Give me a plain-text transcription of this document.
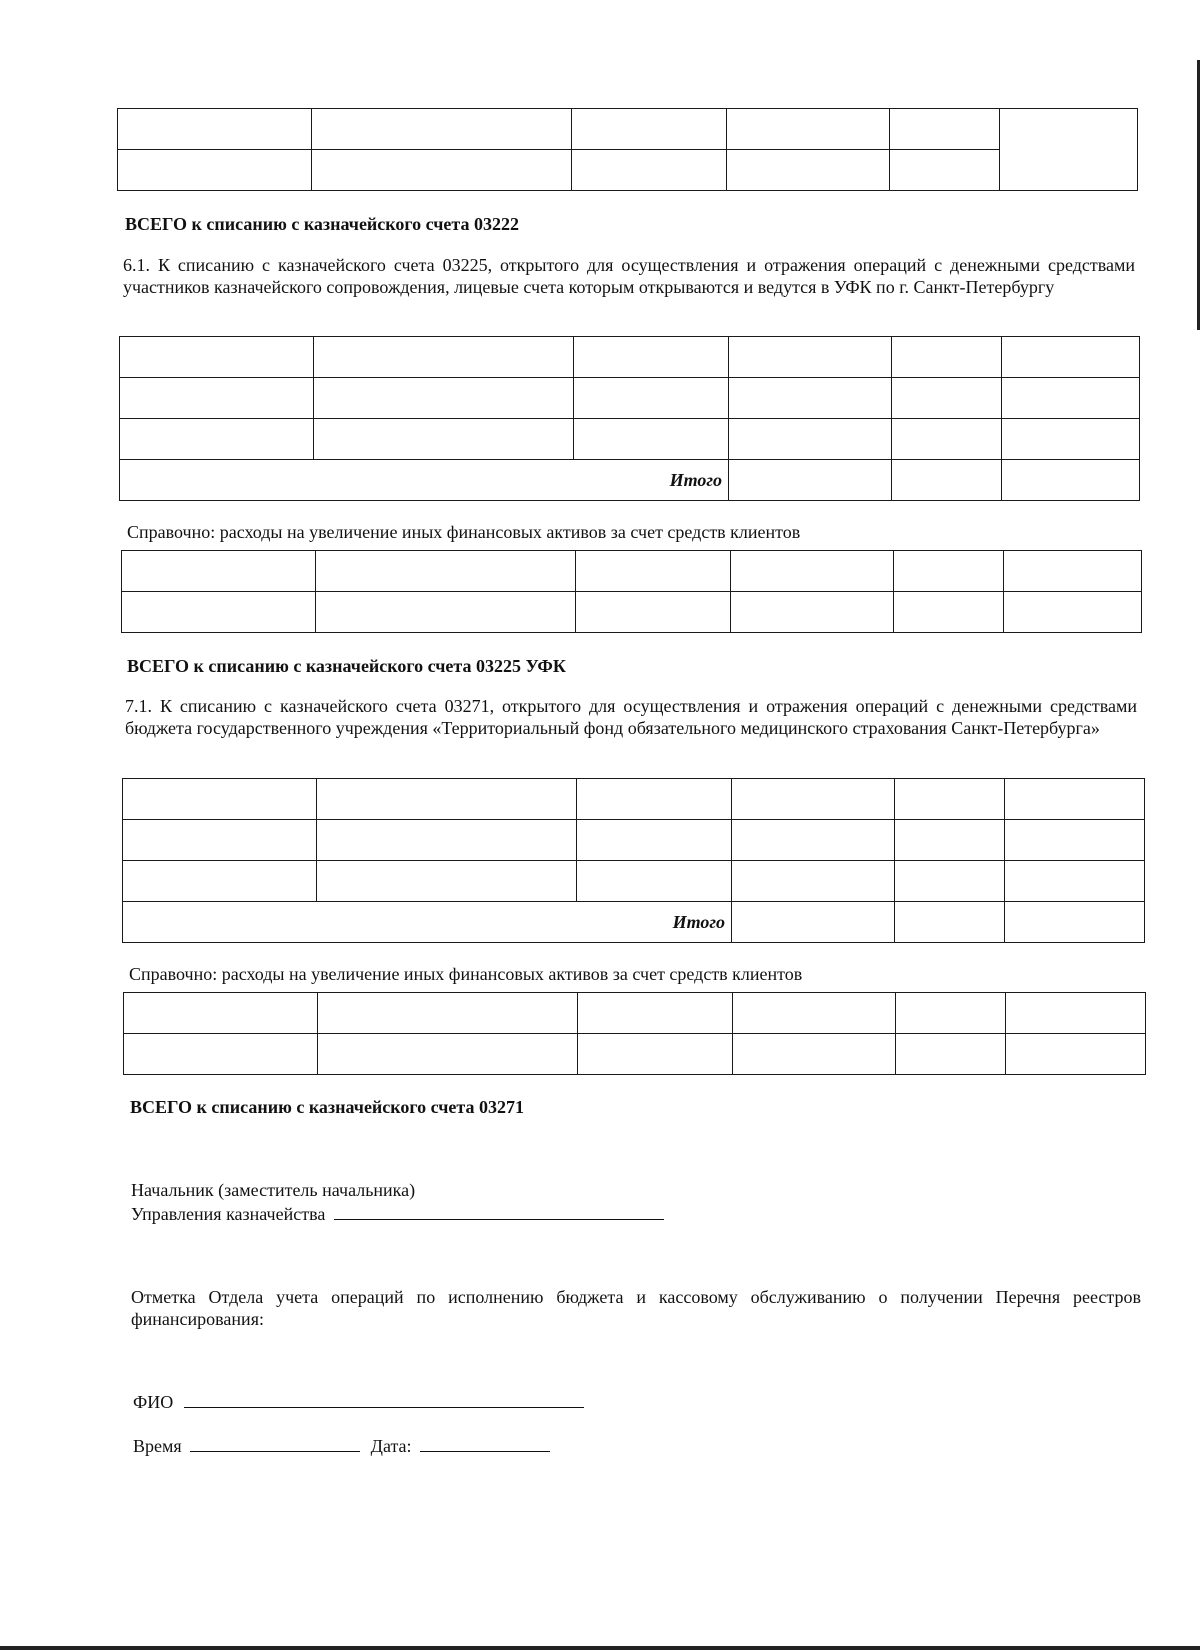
ВСЕГО к списанию с казначейского счета 03222
6.1. К списанию с казначейского счета 03225, открытого для осуществления и отражения операций с денежными средствами участников казначейского сопровождения, лицевые счета которым открываются и ведутся в УФК по г. Санкт-Петербургу

Итого					
Справочно: расходы на увеличение иных финансовых активов за счет средств клиентов

ВСЕГО к списанию с казначейского счета 03225 УФК
7.1. К списанию с казначейского счета 03271, открытого для осуществления и отражения операций с денежными средствами бюджета государственного учреждения «Территориальный фонд обязательного медицинского страхования Санкт-Петербурга»

Итого					
Справочно: расходы на увеличение иных финансовых активов за счет средств клиентов

ВСЕГО к списанию с казначейского счета 03271
Начальник (заместитель начальника)
Управления казначейства
Отметка Отдела учета операций по исполнению бюджета и кассовому обслуживанию о получении Перечня реестров финансирования:
ФИО
Время	Дата:
